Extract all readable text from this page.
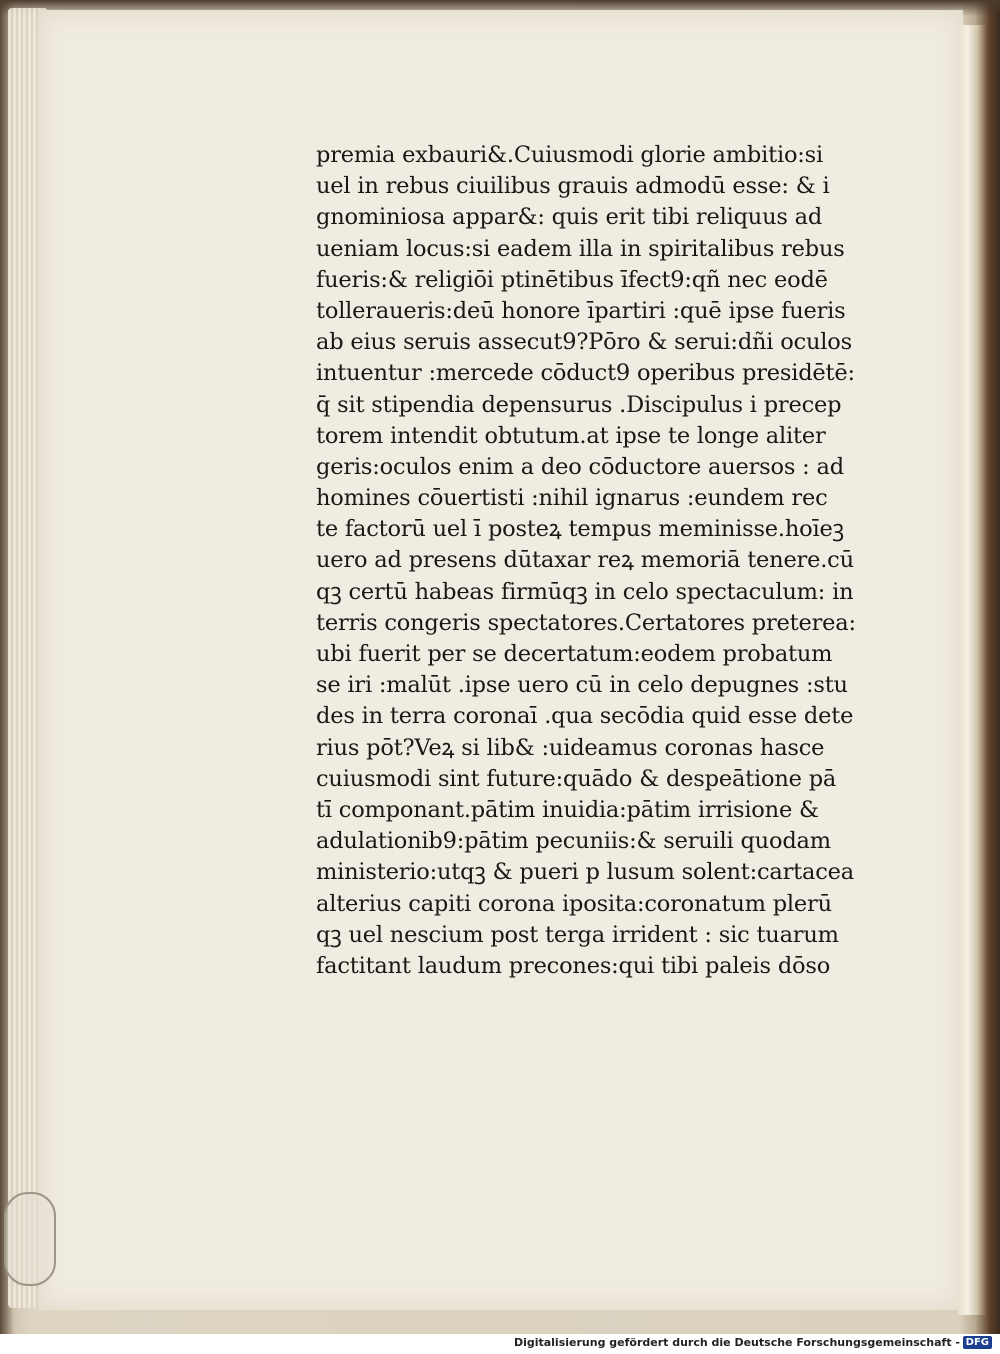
premia exbauri&.Cuiusmodi glorie ambitio:si
uel in rebus ciuilibus grauis admodū esse: & i
gnominiosa appar&: quis erit tibi reliquus ad
ueniam locus:si eadem illa in spiritalibus rebus
fueris:& religiōi ptinētibus īfect9:qñ nec eodē
tolleraueris:deū honore īpartiri :quē ipse fueris
ab eius seruis assecut9?Pōro & serui:dñi oculos
intuentur :mercede cōduct9 operibus presidētē:
q̄ sit stipendia depensurus .Discipulus i precep
torem intendit obtutum.at ipse te longe aliter
geris:oculos enim a deo cōductore auersos : ad
homines cōuertisti :nihil ignarus :eundem rec
te factorū uel ī posteꝝ tempus meminisse.hoīeꝫ
uero ad presens dūtaxar reꝝ memoriā tenere.cū
qꝫ certū habeas firmūqꝫ in celo spectaculum: in
terris congeris spectatores.Certatores preterea:
ubi fuerit per se decertatum:eodem probatum
se iri :malūt .ipse uero cū in celo depugnes :stu
des in terra coronaī .qua secōdia quid esse dete
rius pōt?Veꝝ si lib& :uideamus coronas hasce
cuiusmodi sint future:quādo & despeātione pā
tī componant.pātim inuidia:pātim irrisione &
adulationib9:pātim pecuniis:& seruili quodam
ministerio:utqꝫ & pueri p lusum solent:cartacea
alterius capiti corona iposita:coronatum plerū
qꝫ uel nescium post terga irrident : sic tuarum
factitant laudum precones:qui tibi paleis dōso
Digitalisierung gefördert durch die Deutsche Forschungsgemeinschaft - DFG
